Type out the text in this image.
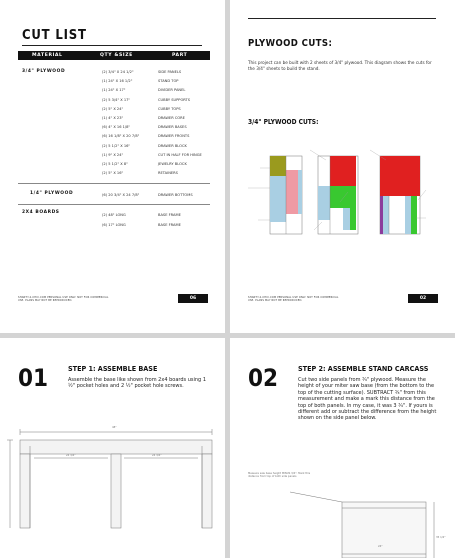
CUT LIST
MATERIAL	QTY &SIZE	PART
3/4" PLYWOOD	(2) 3/4" X 24 1/2"	SIDE PANELS
(1) 24" X 16 1/2"	STAND TOP
(1) 24" X 17"	DIVIDER PANEL
(2) 5 3/4" X 17"	CUBBY SUPPORTS
(2) 5" X 24"	CUBBY TOPS
(1) 4" X 23"	DRAWER CORE
(6) 4" X 16 1/8"	DRAWER BASES
(6) 16 1/8" X 20 7/8"	DRAWER FRONTS
(2) 5 1/2" X 16"	DRAWER BLOCK
(1) 9" X 24"	CUT IN HALF FOR HINGE
(2) 5 1/2" X 8"	JEWELRY BLOCK
(2) 5" X 16"	RETAINERS
1/4" PLYWOOD	(6) 20 3/4" X 24 7/8"	DRAWER BOTTOMS
2X4 BOARDS	(2) 48" LONG	BASE FRAME
(6) 17" LONG	BASE FRAME
SHANTY-2-CHIC.COM PERSONAL USE ONLY. NOT FOR COMMERCIAL
USE. PLANS MAY NOT BE REPRODUCED.	06
PLYWOOD CUTS:
This project can be built with 2 sheets of 3/4" plywood. This diagram shows the cuts for the 3/4" sheets to build the stand.
3/4" PLYWOOD CUTS:
SHANTY-2-CHIC.COM PERSONAL USE ONLY. NOT FOR COMMERCIAL
USE. PLANS MAY NOT BE REPRODUCED.	02
01	STEP 1: ASSEMBLE BASE
Assemble the base like shown from 2x4 boards using 1 ½" pocket holes and 2 ½" pocket hole screws.
48"
24 3/4"	24 3/4"
02	STEP 2: ASSEMBLE STAND CARCASS
Cut two side panels from ¾" plywood. Measure the height of your miter saw base (from the bottom to the top of the cutting surface). SUBTRACT ¾" from this measurement and make a mark this distance from the top of both panels. In my case, it was 3 ¾". If yours is different add or subtract the difference from the height shown on the side panel below.
Measure saw base height MINUS 3/4". Mark this distance from top of both side panels
24"
35 1/2"
